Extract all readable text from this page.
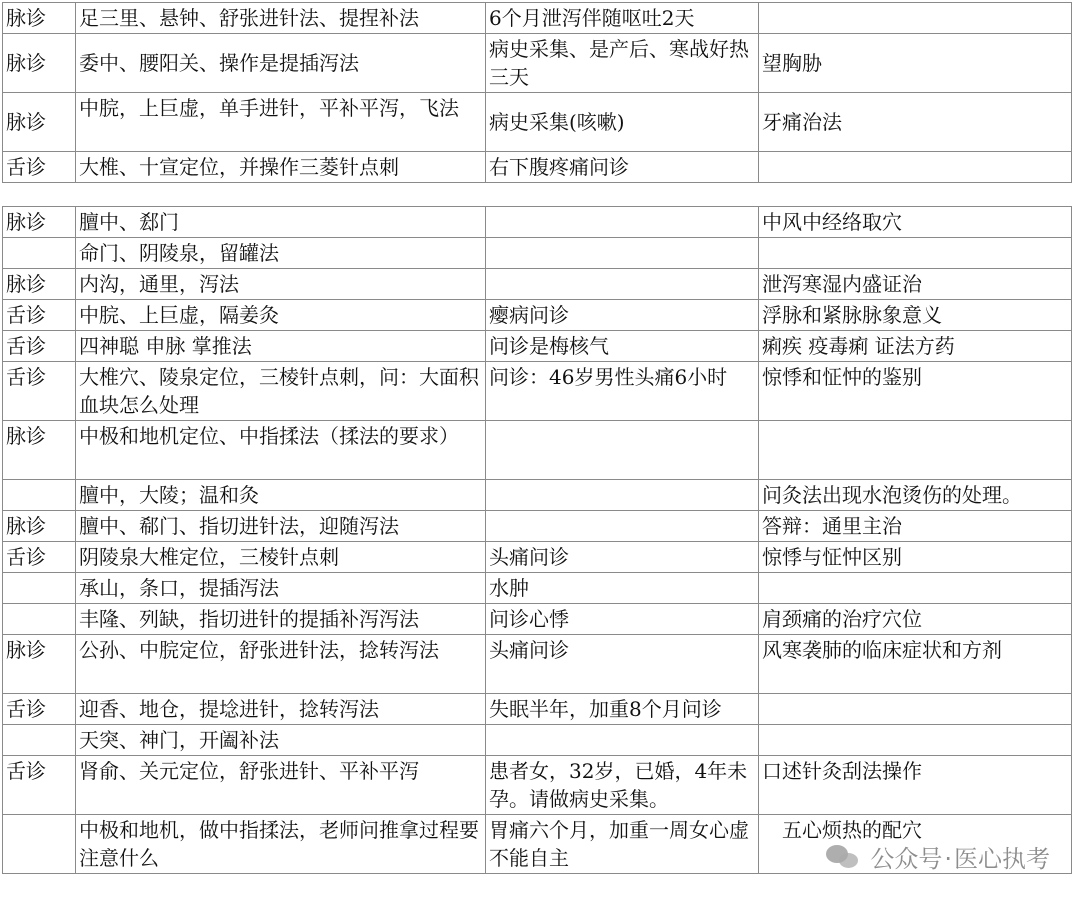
脉诊	足三里、悬钟、舒张进针法、提捏补法	6个月泄泻伴随呕吐2天	
脉诊	委中、腰阳关、操作是提插泻法	病史采集、是产后、寒战好热三天	望胸胁
脉诊	中脘，上巨虚，单手进针，平补平泻，飞法	病史采集(咳嗽)	牙痛治法
舌诊	大椎、十宣定位，并操作三菱针点刺	右下腹疼痛问诊	
脉诊	膻中、郄门		中风中经络取穴
	命门、阴陵泉，留罐法		
脉诊	内沟，通里，泻法		泄泻寒湿内盛证治
舌诊	中脘、上巨虚，隔姜灸	瘿病问诊	浮脉和紧脉脉象意义
舌诊	四神聪 申脉 掌推法	问诊是梅核气	痢疾 疫毒痢 证法方药
舌诊	大椎穴、陵泉定位，三棱针点刺，问：大面积血块怎么处理	问诊：46岁男性头痛6小时	惊悸和怔忡的鉴别
脉诊	中极和地机定位、中指揉法（揉法的要求）		
	膻中，大陵；温和灸		问灸法出现水泡烫伤的处理。
脉诊	膻中、郗门、指切进针法，迎随泻法		答辩：通里主治
舌诊	阴陵泉大椎定位，三棱针点刺	头痛问诊	惊悸与怔忡区别
	承山，条口，提插泻法	水肿	
	丰隆、列缺，指切进针的提插补泻泻法	问诊心悸	肩颈痛的治疗穴位
脉诊	公孙、中脘定位，舒张进针法，捻转泻法	头痛问诊	风寒袭肺的临床症状和方剂
舌诊	迎香、地仓，提埝进针，捻转泻法	失眠半年，加重8个月问诊	
	天突、神门，开阖补法		
舌诊	肾俞、关元定位，舒张进针、平补平泻	患者女，32岁，已婚，4年未孕。请做病史采集。	口述针灸刮法操作
	中极和地机，做中指揉法，老师问推拿过程要注意什么	胃痛六个月，加重一周女心虚不能自主	　五心烦热的配穴
公众号·医心执考
